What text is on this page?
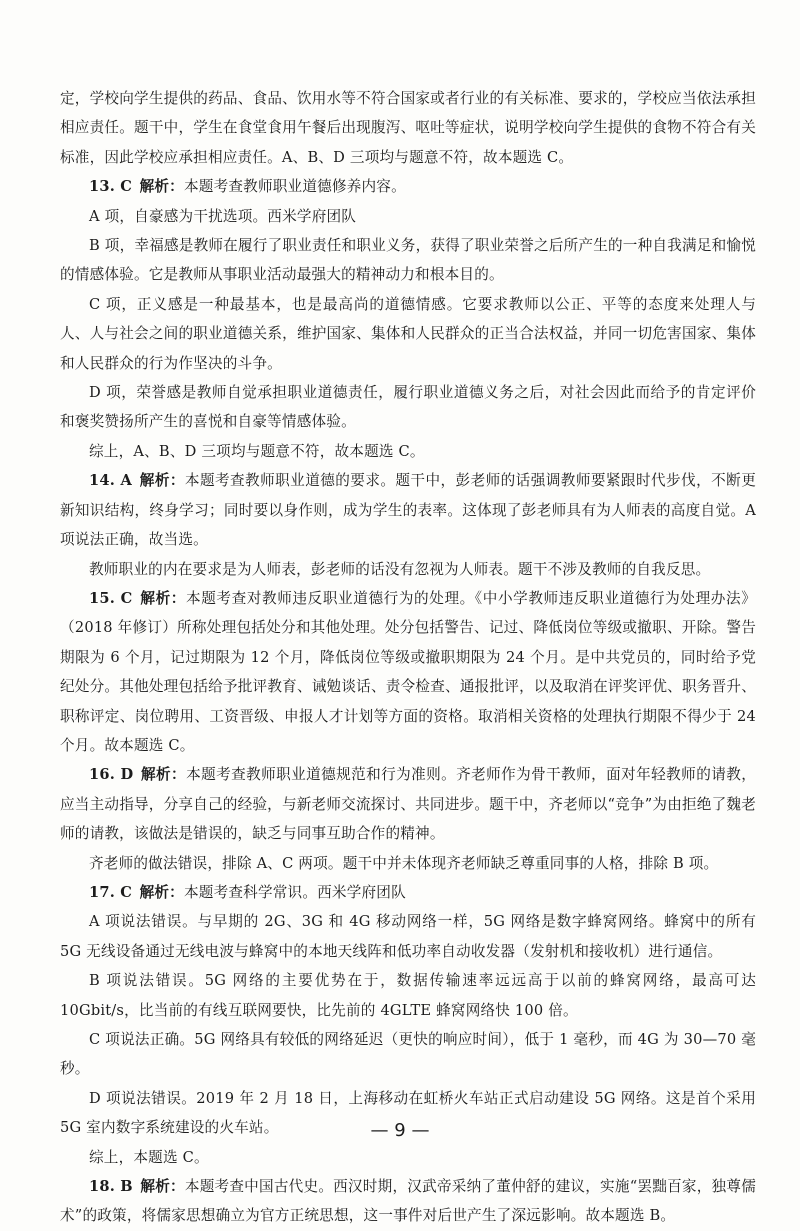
定，学校向学生提供的药品、食品、饮用水等不符合国家或者行业的有关标准、要求的，学校应当依法承担相应责任。题干中，学生在食堂食用午餐后出现腹泻、呕吐等症状，说明学校向学生提供的食物不符合有关标准，因此学校应承担相应责任。A、B、D 三项均与题意不符，故本题选 C。

13. C  解析：本题考查教师职业道德修养内容。

A 项，自豪感为干扰选项。西米学府团队

B 项，幸福感是教师在履行了职业责任和职业义务，获得了职业荣誉之后所产生的一种自我满足和愉悦的情感体验。它是教师从事职业活动最强大的精神动力和根本目的。

C 项，正义感是一种最基本，也是最高尚的道德情感。它要求教师以公正、平等的态度来处理人与人、人与社会之间的职业道德关系，维护国家、集体和人民群众的正当合法权益，并同一切危害国家、集体和人民群众的行为作坚决的斗争。

D 项，荣誉感是教师自觉承担职业道德责任，履行职业道德义务之后，对社会因此而给予的肯定评价和褒奖赞扬所产生的喜悦和自豪等情感体验。

综上，A、B、D 三项均与题意不符，故本题选 C。

14. A  解析：本题考查教师职业道德的要求。题干中，彭老师的话强调教师要紧跟时代步伐，不断更新知识结构，终身学习；同时要以身作则，成为学生的表率。这体现了彭老师具有为人师表的高度自觉。A 项说法正确，故当选。

教师职业的内在要求是为人师表，彭老师的话没有忽视为人师表。题干不涉及教师的自我反思。

15. C  解析：本题考查对教师违反职业道德行为的处理。《中小学教师违反职业道德行为处理办法》（2018 年修订）所称处理包括处分和其他处理。处分包括警告、记过、降低岗位等级或撤职、开除。警告期限为 6 个月，记过期限为 12 个月，降低岗位等级或撤职期限为 24 个月。是中共党员的，同时给予党纪处分。其他处理包括给予批评教育、诫勉谈话、责令检查、通报批评，以及取消在评奖评优、职务晋升、职称评定、岗位聘用、工资晋级、申报人才计划等方面的资格。取消相关资格的处理执行期限不得少于 24 个月。故本题选 C。

16. D  解析：本题考查教师职业道德规范和行为准则。齐老师作为骨干教师，面对年轻教师的请教，应当主动指导，分享自己的经验，与新老师交流探讨、共同进步。题干中，齐老师以“竞争”为由拒绝了魏老师的请教，该做法是错误的，缺乏与同事互助合作的精神。

齐老师的做法错误，排除 A、C 两项。题干中并未体现齐老师缺乏尊重同事的人格，排除 B 项。

17. C  解析：本题考查科学常识。西米学府团队

A 项说法错误。与早期的 2G、3G 和 4G 移动网络一样，5G 网络是数字蜂窝网络。蜂窝中的所有 5G 无线设备通过无线电波与蜂窝中的本地天线阵和低功率自动收发器（发射机和接收机）进行通信。

B 项说法错误。5G 网络的主要优势在于，数据传输速率远远高于以前的蜂窝网络，最高可达 10Gbit/s，比当前的有线互联网要快，比先前的 4GLTE 蜂窝网络快 100 倍。

C 项说法正确。5G 网络具有较低的网络延迟（更快的响应时间），低于 1 毫秒，而 4G 为 30—70 毫秒。

D 项说法错误。2019 年 2 月 18 日，上海移动在虹桥火车站正式启动建设 5G 网络。这是首个采用 5G 室内数字系统建设的火车站。

综上，本题选 C。

18. B  解析：本题考查中国古代史。西汉时期，汉武帝采纳了董仲舒的建议，实施“罢黜百家，独尊儒术”的政策，将儒家思想确立为官方正统思想，这一事件对后世产生了深远影响。故本题选 B。

— 9 —
